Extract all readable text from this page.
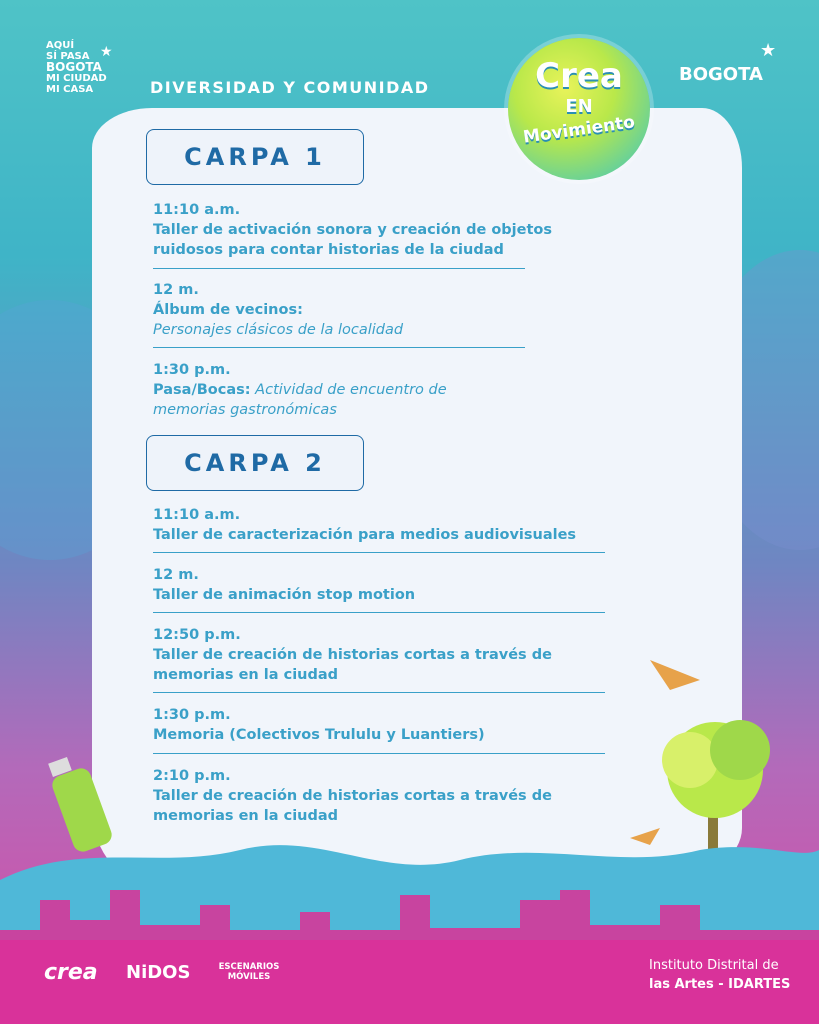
AQUÍ
SÍ PASA
BOGOTA
MI CIUDAD
MI CASA
★
DIVERSIDAD Y COMUNIDAD	Crea
EN
Movimiento
BOGOTA
★
CARPA 1
11:10 a.m.
Taller de activación sonora y creación de objetos ruidosos para contar historias de la ciudad
12 m.
Álbum de vecinos:
Personajes clásicos de la localidad
1:30 p.m.
Pasa/Bocas: Actividad de encuentro de memorias gastronómicas
CARPA 2
11:10 a.m.
Taller de caracterización para medios audiovisuales
12 m.
Taller de animación stop motion
12:50 p.m.
Taller de creación de historias cortas a través de memorias en la ciudad
1:30 p.m.
Memoria (Colectivos Trululu y Luantiers)
2:10 p.m.
Taller de creación de historias cortas a través de memorias en la ciudad
crea NiDOS	ESCENARIOS MÓVILES
Instituto Distrital de
las Artes - IDARTES
